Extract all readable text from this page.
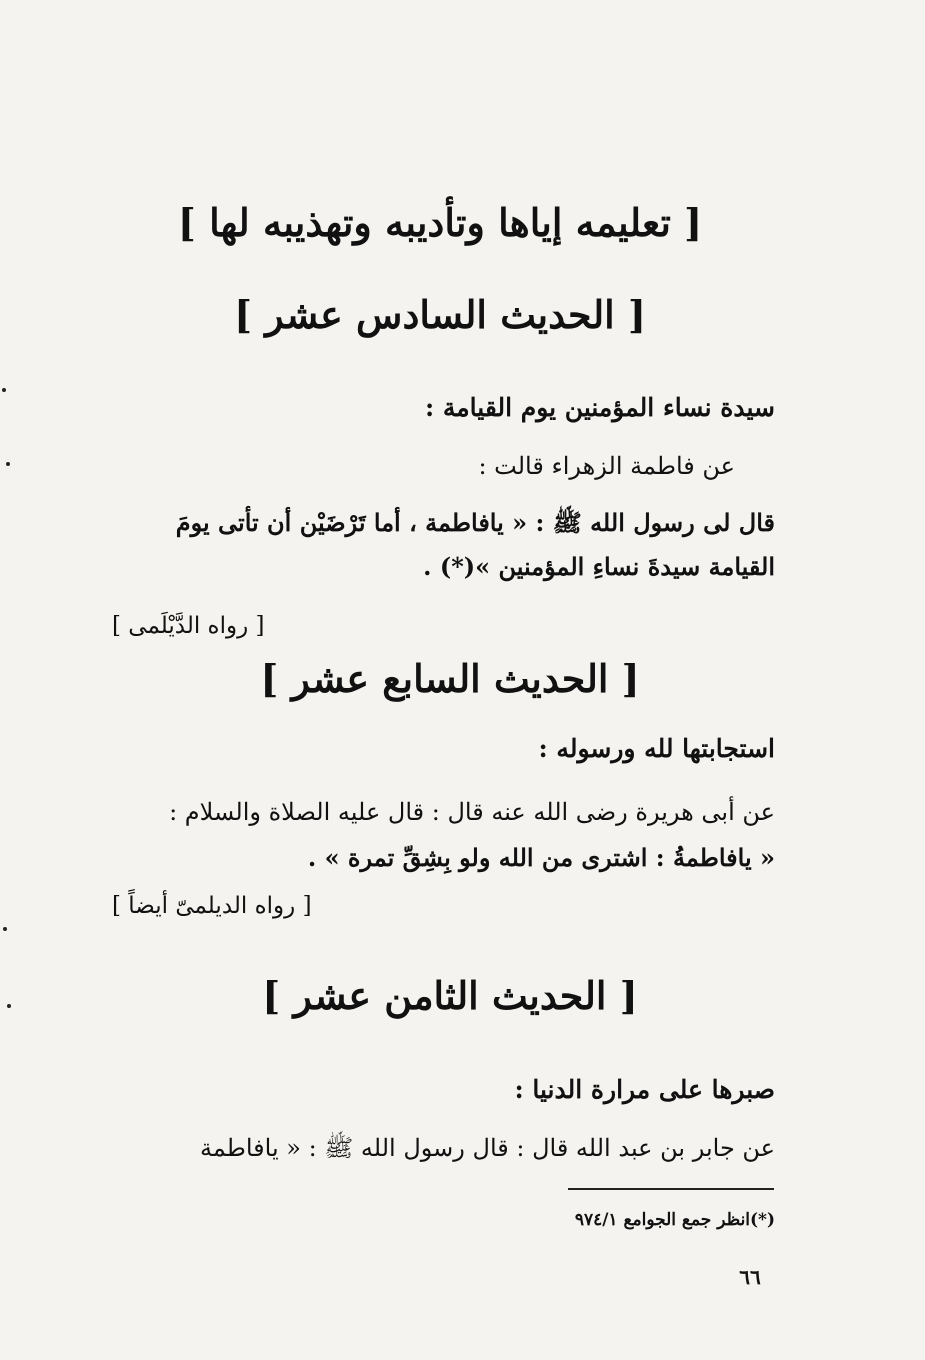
[ تعليمه إياها وتأديبه وتهذيبه لها ]
[ الحديث السادس عشر ]
سيدة نساء المؤمنين يوم القيامة :
عن فاطمة الزهراء قالت :
قال لى رسول الله ﷺ : « يافاطمة ، أما تَرْضَيْن أن تأتى يومَ
القيامة سيدةَ نساءِ المؤمنين »(*) .
[ رواه الدَّيْلَمى ]
[ الحديث السابع عشر ]
استجابتها لله ورسوله :
عن أبى هريرة رضى الله عنه قال : قال عليه الصلاة والسلام :
« يافاطمةُ : اشترى من الله ولو بِشِقِّ تمرة » .
[ رواه الديلمىّ أيضاً ]
[ الحديث الثامن عشر ]
صبرها على مرارة الدنيا :
عن جابر بن عبد الله قال : قال رسول الله ﷺ : « يافاطمة
(*)انظر جمع الجوامع ٩٧٤/١
٦٦
